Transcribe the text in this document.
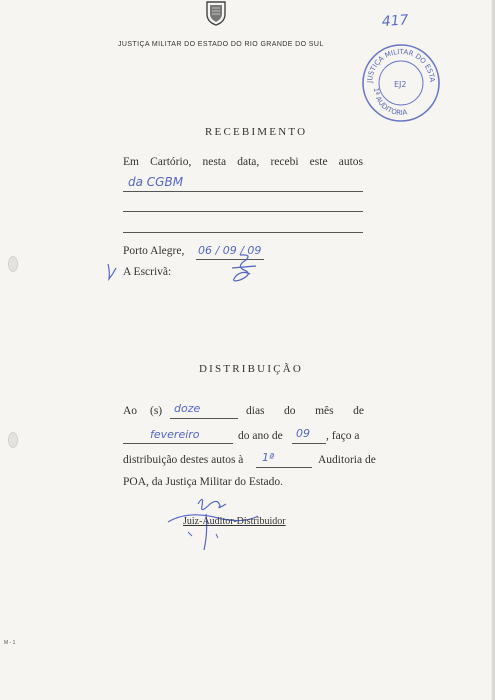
JUSTIÇA MILITAR DO ESTADO DO RIO GRANDE DO SUL
417
JUSTIÇA MILITAR DO ESTA
1ª AUDITORIA
EJ2
RECEBIMENTO
Em Cartório, nesta data, recebi este autos
da CGBM
Porto Alegre, 06 / 09 / 09
A Escrivã:
DISTRIBUIÇÃO
Ao (s) doze	dias do mês de
fevereiro	do ano de 09 , faço a
distribuição destes autos à 1ª	Auditoria de
POA, da Justiça Militar do Estado.
Juiz-Auditor-Distribuidor
M - 1
